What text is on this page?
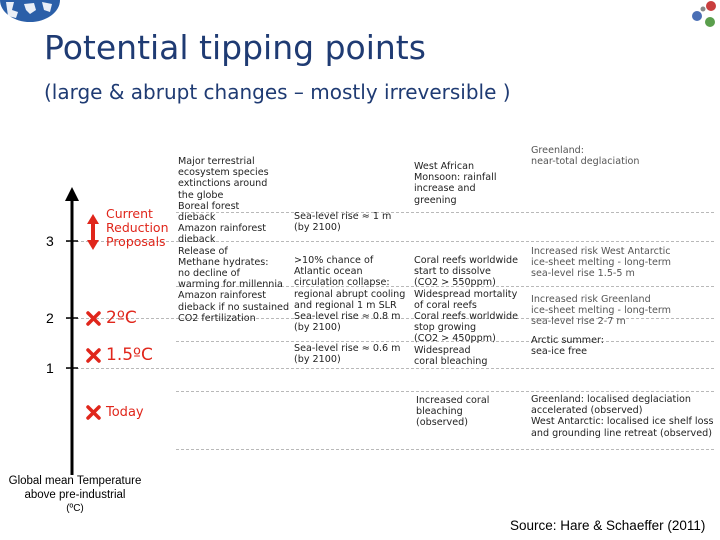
Potential tipping points
(large & abrupt changes – mostly irreversible )
3
2
1
Global mean Temperature
above pre-industrial
(ºC)
Current
Reduction
Proposals
2ºC
1.5ºC
Today
Major terrestrial
ecosystem species
extinctions around
the globe
Boreal forest
dieback
Amazon rainforest
dieback
Release of
Methane hydrates:
no decline of
warming for millennia
Amazon rainforest
dieback if no sustained
CO2 fertilization
Sea-level rise ≈ 1 m
(by 2100)
>10% chance of
Atlantic ocean
circulation collapse:
regional abrupt cooling
and regional 1 m SLR
Sea-level rise ≈ 0.8 m
(by 2100)
Sea-level rise ≈ 0.6 m
(by 2100)
West African
Monsoon: rainfall
increase and
greening
Coral reefs worldwide
start to dissolve
(CO2 > 550ppm)
Widespread mortality
of coral reefs
Coral reefs worldwide
stop growing
(CO2 > 450ppm)
Widespread
coral bleaching
Increased coral
bleaching
(observed)
Greenland:
near-total deglaciation
Increased risk West Antarctic
ice-sheet melting - long-term
sea-level rise 1.5-5 m
Increased risk Greenland
ice-sheet melting - long-term
sea-level rise 2-7 m
Arctic summer:
sea-ice free
Greenland: localised deglaciation
accelerated (observed)
West Antarctic: localised ice shelf loss
and grounding line retreat (observed)
Source: Hare & Schaeffer (2011)
